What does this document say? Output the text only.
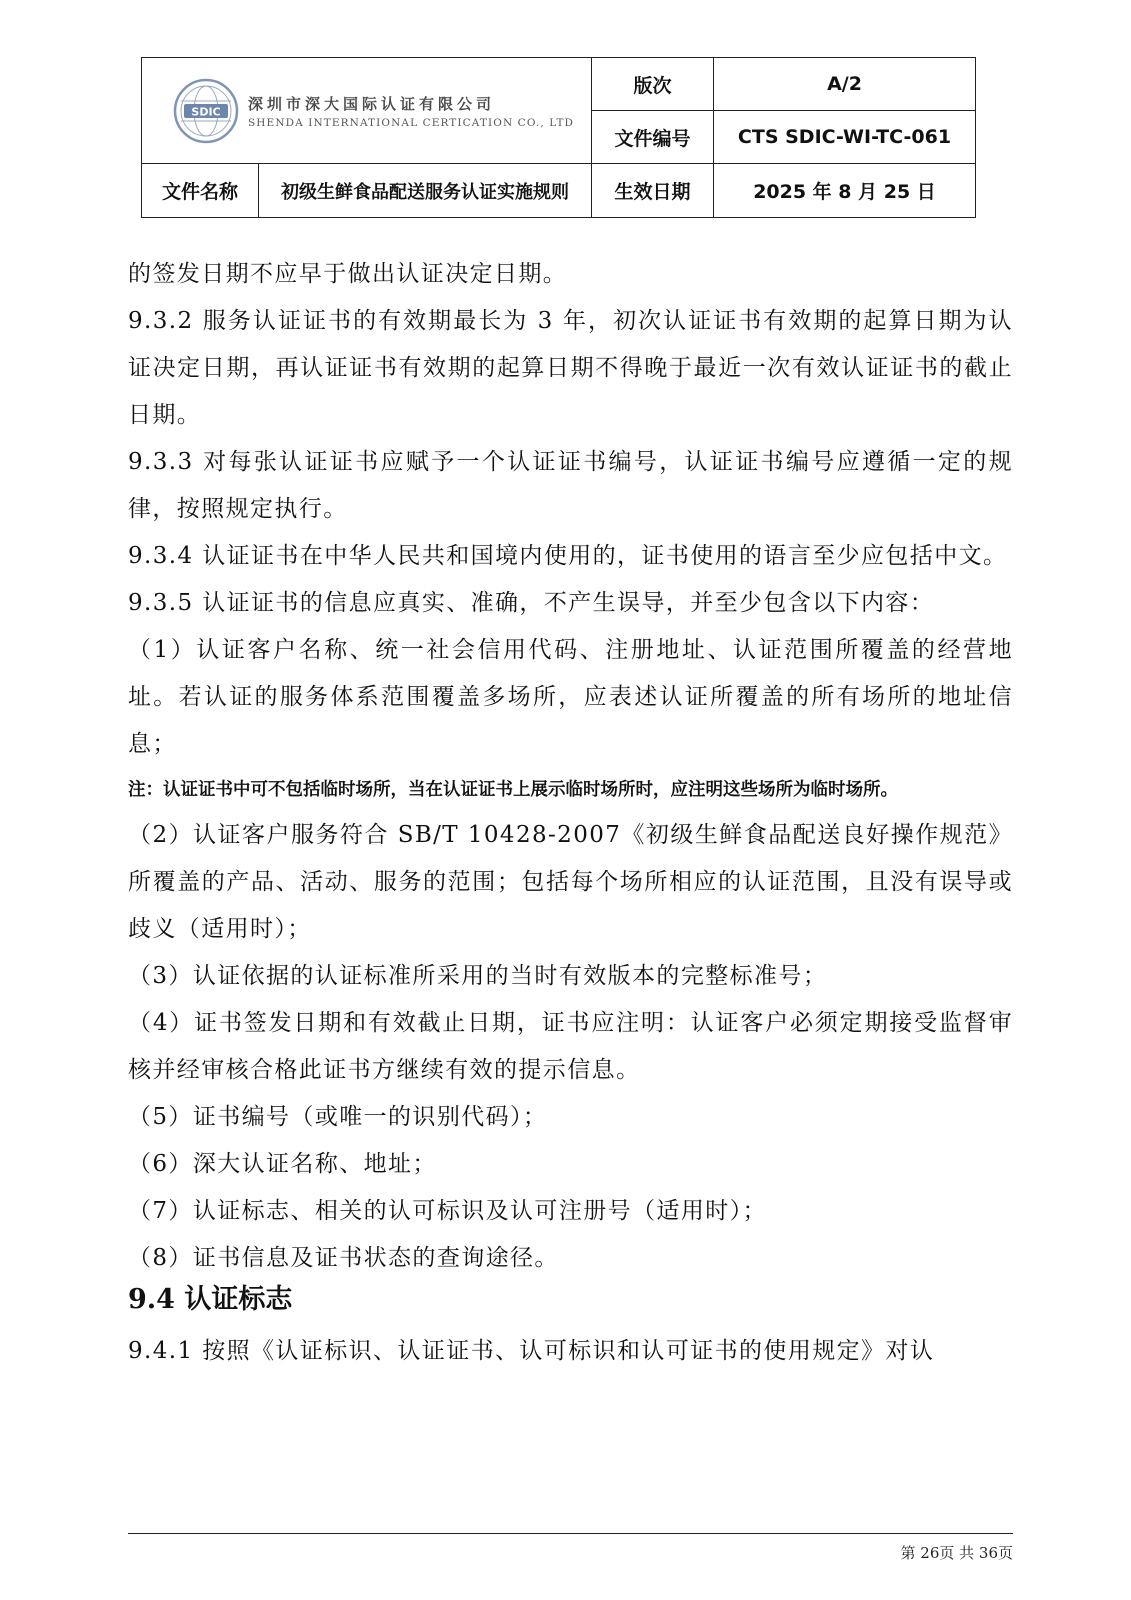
SDIC 深圳市深大国际认证有限公司
SHENDA INTERNATIONAL CERTICATION CO., LTD		版次	A/2
		文件编号	CTS SDIC-WI-TC-061
文件名称	初级生鲜食品配送服务认证实施规则	生效日期	2025 年 8 月 25 日

的签发日期不应早于做出认证决定日期。

9.3.2 服务认证证书的有效期最长为 3 年，初次认证证书有效期的起算日期为认证决定日期，再认证证书有效期的起算日期不得晚于最近一次有效认证证书的截止日期。

9.3.3 对每张认证证书应赋予一个认证证书编号，认证证书编号应遵循一定的规律，按照规定执行。

9.3.4 认证证书在中华人民共和国境内使用的，证书使用的语言至少应包括中文。

9.3.5 认证证书的信息应真实、准确，不产生误导，并至少包含以下内容：

（1）认证客户名称、统一社会信用代码、注册地址、认证范围所覆盖的经营地址。若认证的服务体系范围覆盖多场所，应表述认证所覆盖的所有场所的地址信息；

注：认证证书中可不包括临时场所，当在认证证书上展示临时场所时，应注明这些场所为临时场所。

（2）认证客户服务符合 SB/T 10428-2007《初级生鲜食品配送良好操作规范》所覆盖的产品、活动、服务的范围；包括每个场所相应的认证范围，且没有误导或歧义（适用时）；

（3）认证依据的认证标准所采用的当时有效版本的完整标准号；

（4）证书签发日期和有效截止日期，证书应注明：认证客户必须定期接受监督审核并经审核合格此证书方继续有效的提示信息。

（5）证书编号（或唯一的识别代码）；

（6）深大认证名称、地址；

（7）认证标志、相关的认可标识及认可注册号（适用时）；

（8）证书信息及证书状态的查询途径。

9.4 认证标志

9.4.1 按照《认证标识、认证证书、认可标识和认可证书的使用规定》对认

第 26页 共 36页
